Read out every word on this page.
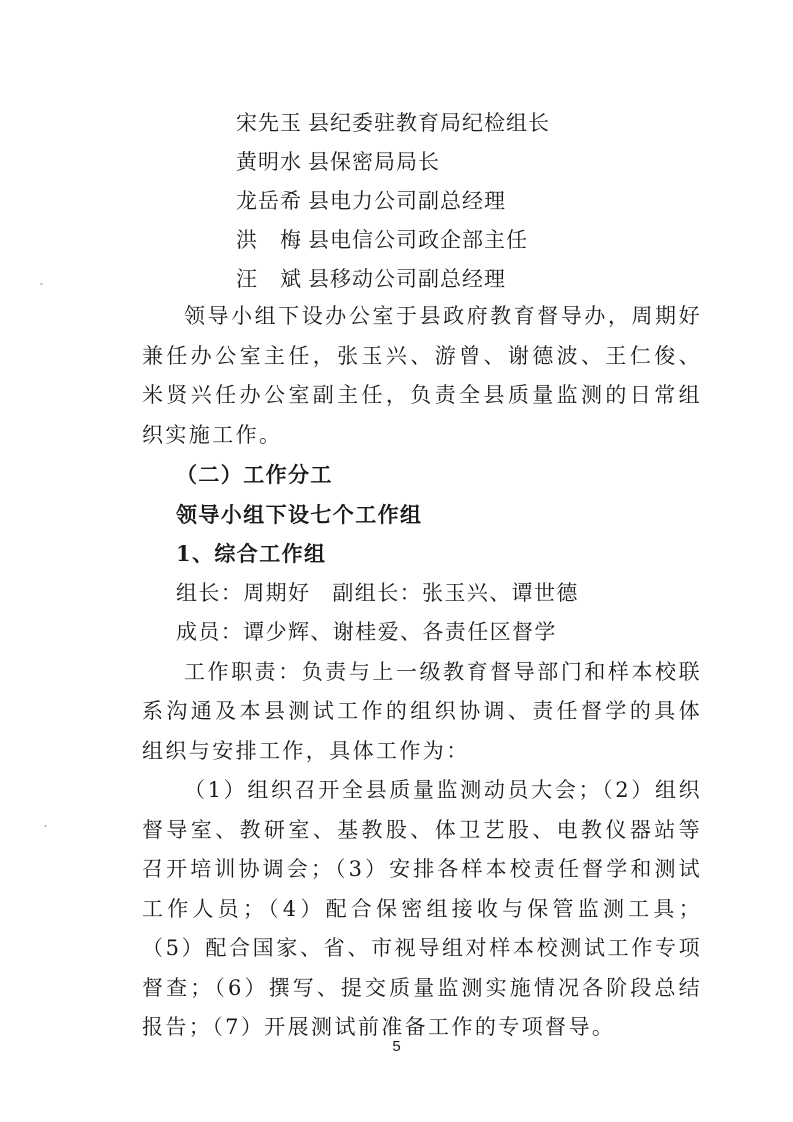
宋先玉 县纪委驻教育局纪检组长
黄明水 县保密局局长
龙岳希 县电力公司副总经理
洪　梅 县电信公司政企部主任
汪　斌 县移动公司副总经理

领导小组下设办公室于县政府教育督导办，周期好兼任办公室主任，张玉兴、游曾、谢德波、王仁俊、米贤兴任办公室副主任，负责全县质量监测的日常组织实施工作。

（二）工作分工

领导小组下设七个工作组

1、综合工作组

组长：周期好 副组长：张玉兴、谭世德

成员：谭少辉、谢桂爱、各责任区督学

工作职责：负责与上一级教育督导部门和样本校联系沟通及本县测试工作的组织协调、责任督学的具体组织与安排工作，具体工作为：

（1）组织召开全县质量监测动员大会；（2）组织督导室、教研室、基教股、体卫艺股、电教仪器站等召开培训协调会；（3）安排各样本校责任督学和测试工作人员；（4）配合保密组接收与保管监测工具；（5）配合国家、省、市视导组对样本校测试工作专项督查；（6）撰写、提交质量监测实施情况各阶段总结报告；（7）开展测试前准备工作的专项督导。

5
